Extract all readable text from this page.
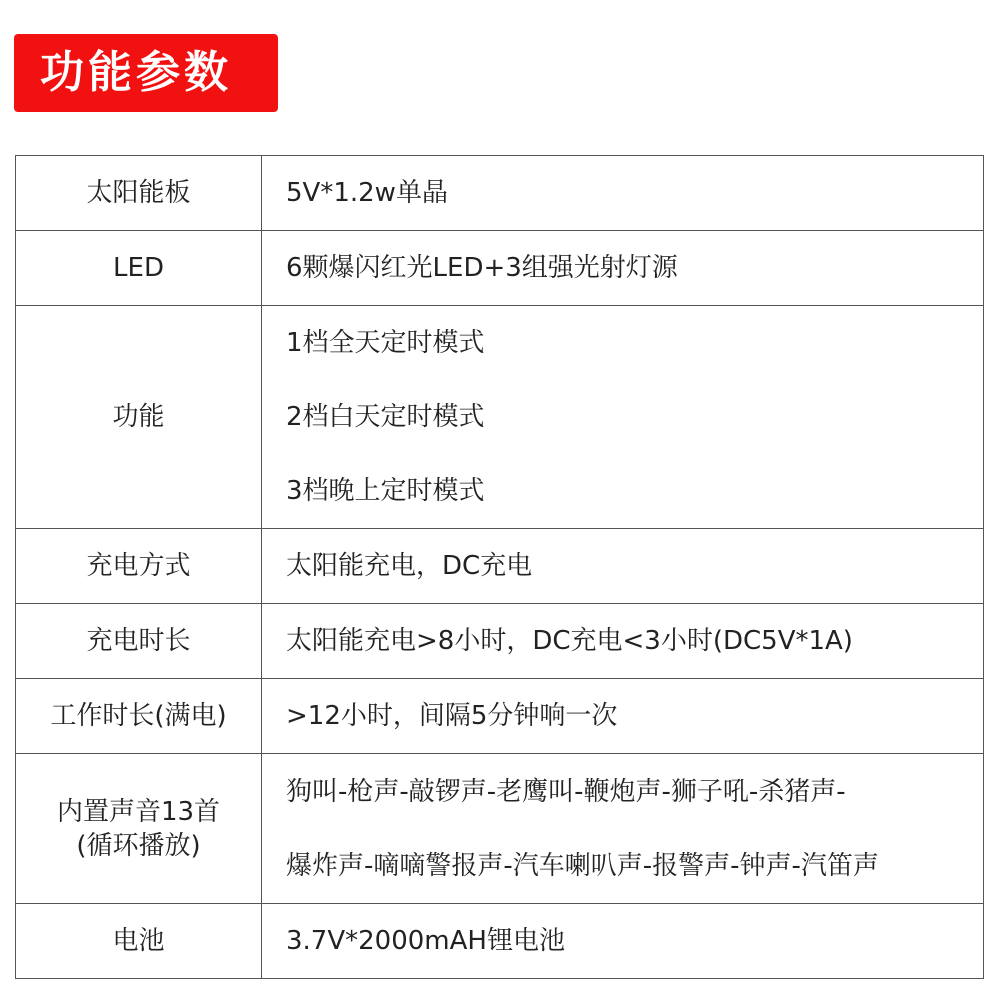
功能参数
太阳能板	5V*1.2w单晶

LED	6颗爆闪红光LED+3组强光射灯源

功能	1档全天定时模式
2档白天定时模式
3档晚上定时模式

充电方式	太阳能充电，DC充电

充电时长	太阳能充电>8小时，DC充电<3小时(DC5V*1A)

工作时长(满电)	>12小时，间隔5分钟响一次

内置声音13首
(循环播放)	狗叫-枪声-敲锣声-老鹰叫-鞭炮声-狮子吼-杀猪声-
爆炸声-嘀嘀警报声-汽车喇叭声-报警声-钟声-汽笛声

电池	3.7V*2000mAH锂电池
